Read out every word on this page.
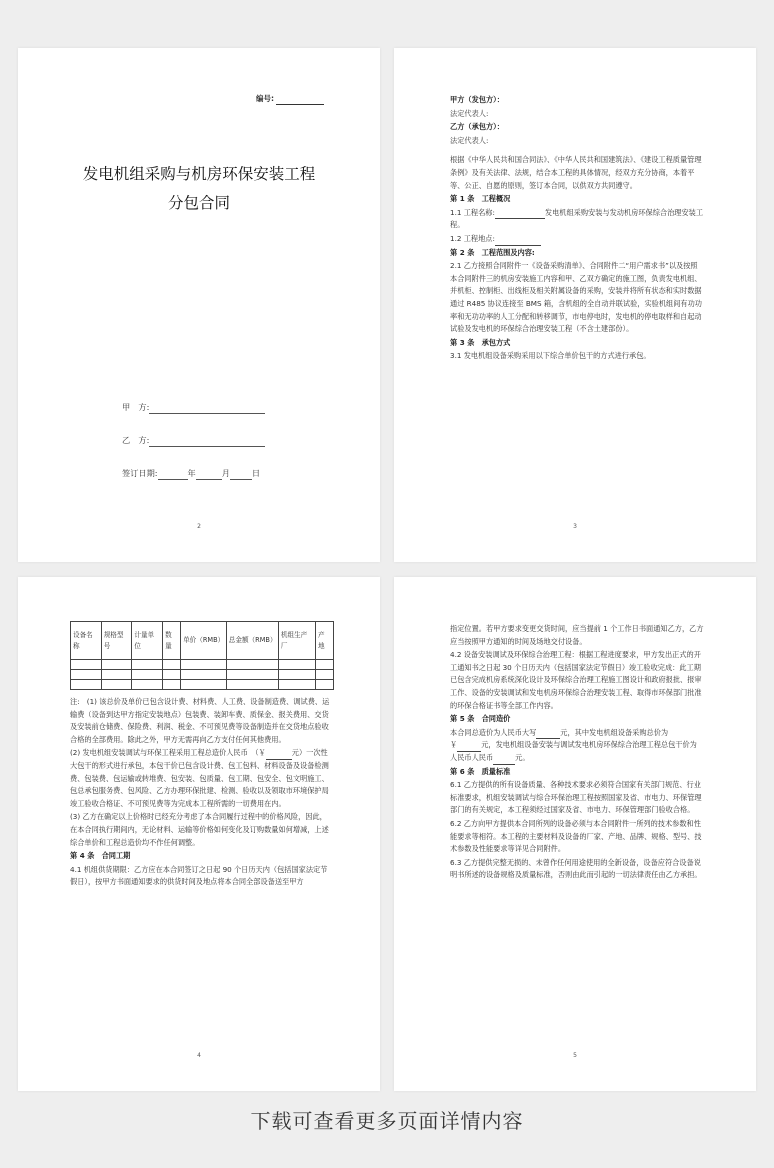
编号:
发电机组采购与机房环保安装工程
分包合同
甲　方:
乙　方:
签订日期:	年	月	日
2

甲方（发包方）：

法定代表人:

乙方（承包方）：

法定代表人:

根据《中华人民共和国合同法》、《中华人民共和国建筑法》、《建设工程质量管理条例》及有关法律、法规，结合本工程的具体情况，经双方充分协商，本着平等、公正、自愿的原则，签订本合同，以供双方共同遵守。

第 1 条　工程概况

1.1 工程名称:	发电机组采购安装与发动机房环保综合治理安装工程。

1.2 工程地点:

第 2 条　工程范围及内容:

2.1 乙方接照合同附件一《设备采购清单》、合同附件二“用户需求书”以及按照本合同附件三的机房安装施工内容和甲、乙双方确定的施工图，负责发电机组、并机柜、控制柜、出线柜及相关附属设备的采购，安装并将所有状态和实时数据通过 R485 协议连接至 BMS 箱，含机组的全自动并联试验，实验机组间有功功率和无功功率的人工分配和转移调节，市电停电时，发电机的停电取样和自起动试验及发电机的环保综合治理安装工程（不含土建部份）。

第 3 条　承包方式

3.1 发电机组设备采购采用以下综合单价包干的方式进行承包。

3
设备名称	规格型号	计量单位	数量	单价（RMB）	总金额（RMB）	机组生产厂	产地

注:　(1) 该总价及单价已包含设计费、材料费、人工费、设备制造费、调试费、运输费（设备到达甲方指定安装地点）包装费、装卸车费、质保金、报关费用、交货及安装前仓储费、保险费、利润、税金、不可预见费等设备制造并在交货地点验收合格的全部费用。除此之外，甲方无需再向乙方支付任何其他费用。

(2) 发电机组安装调试与环保工程采用工程总造价人民币　（￥	元）一次性大包干的形式进行承包，本包干价已包含设计费、包工包料、材料设备及设备检测费、包装费、包运输或转堆费、包安装、包质量、包工期、包安全、包文明施工、包总承包服务费、包风险、乙方办理环保批建、检测、验收以及领取市环境保护局竣工验收合格证、不可预见费等为完成本工程所需的一切费用在内。

(3) 乙方在确定以上价格时已经充分考虑了本合同履行过程中的价格风险，因此，在本合同执行期间内，无论材料、运输等价格如何变化及订购数量如何增减，上述综合单价和工程总造价均不作任何调整。

第 4 条　合同工期

4.1 机组供货期限：乙方应在本合同签订之日起 90 个日历天内（包括国家法定节假日），按甲方书面通知要求的供货时间及地点将本合同全部设备送至甲方

4

指定位置。若甲方要求变更交货时间，应当提前 1 个工作日书面通知乙方，乙方应当按照甲方通知的时间及场地交付设备。

4.2 设备安装调试及环保综合治理工程：根据工程进度要求，甲方发出正式的开工通知书之日起 30 个日历天内（包括国家法定节假日）竣工验收完成：此工期已包含完成机房系统深化设计及环保综合治理工程施工图设计和政府报批、报审工作、设备的安装调试和发电机房环保综合治理安装工程、取得市环保部门批准的环保合格证书等全部工作内容。

第 5 条　合同造价

本合同总造价为人民币大写	元，其中发电机组设备采购总价为
￥	元，发电机组设备安装与调试发电机房环保综合治理工程总包干价为人民币人民币	元。

第 6 条　质量标准

6.1 乙方提供的所有设备质量、各种技术要求必须符合国家有关部门规范、行业标准要求，机组安装调试与综合环保治理工程按照国家及省、市电力、环保管理部门的有关规定，本工程须经过国家及省、市电力、环保管理部门验收合格。

6.2 乙方向甲方提供本合同所列的设备必须与本合同附件一所列的技术参数和性能要求等相符。本工程的主要材料及设备的厂家、产地、品牌、规格、型号、技术参数及性能要求等详见合同附件。

6.3 乙方提供完整无损的、未曾作任何用途使用的全新设备，设备应符合设备说明书所述的设备规格及质量标准，否则由此而引起的一切法律责任由乙方承担。

5
下载可查看更多页面详情内容
